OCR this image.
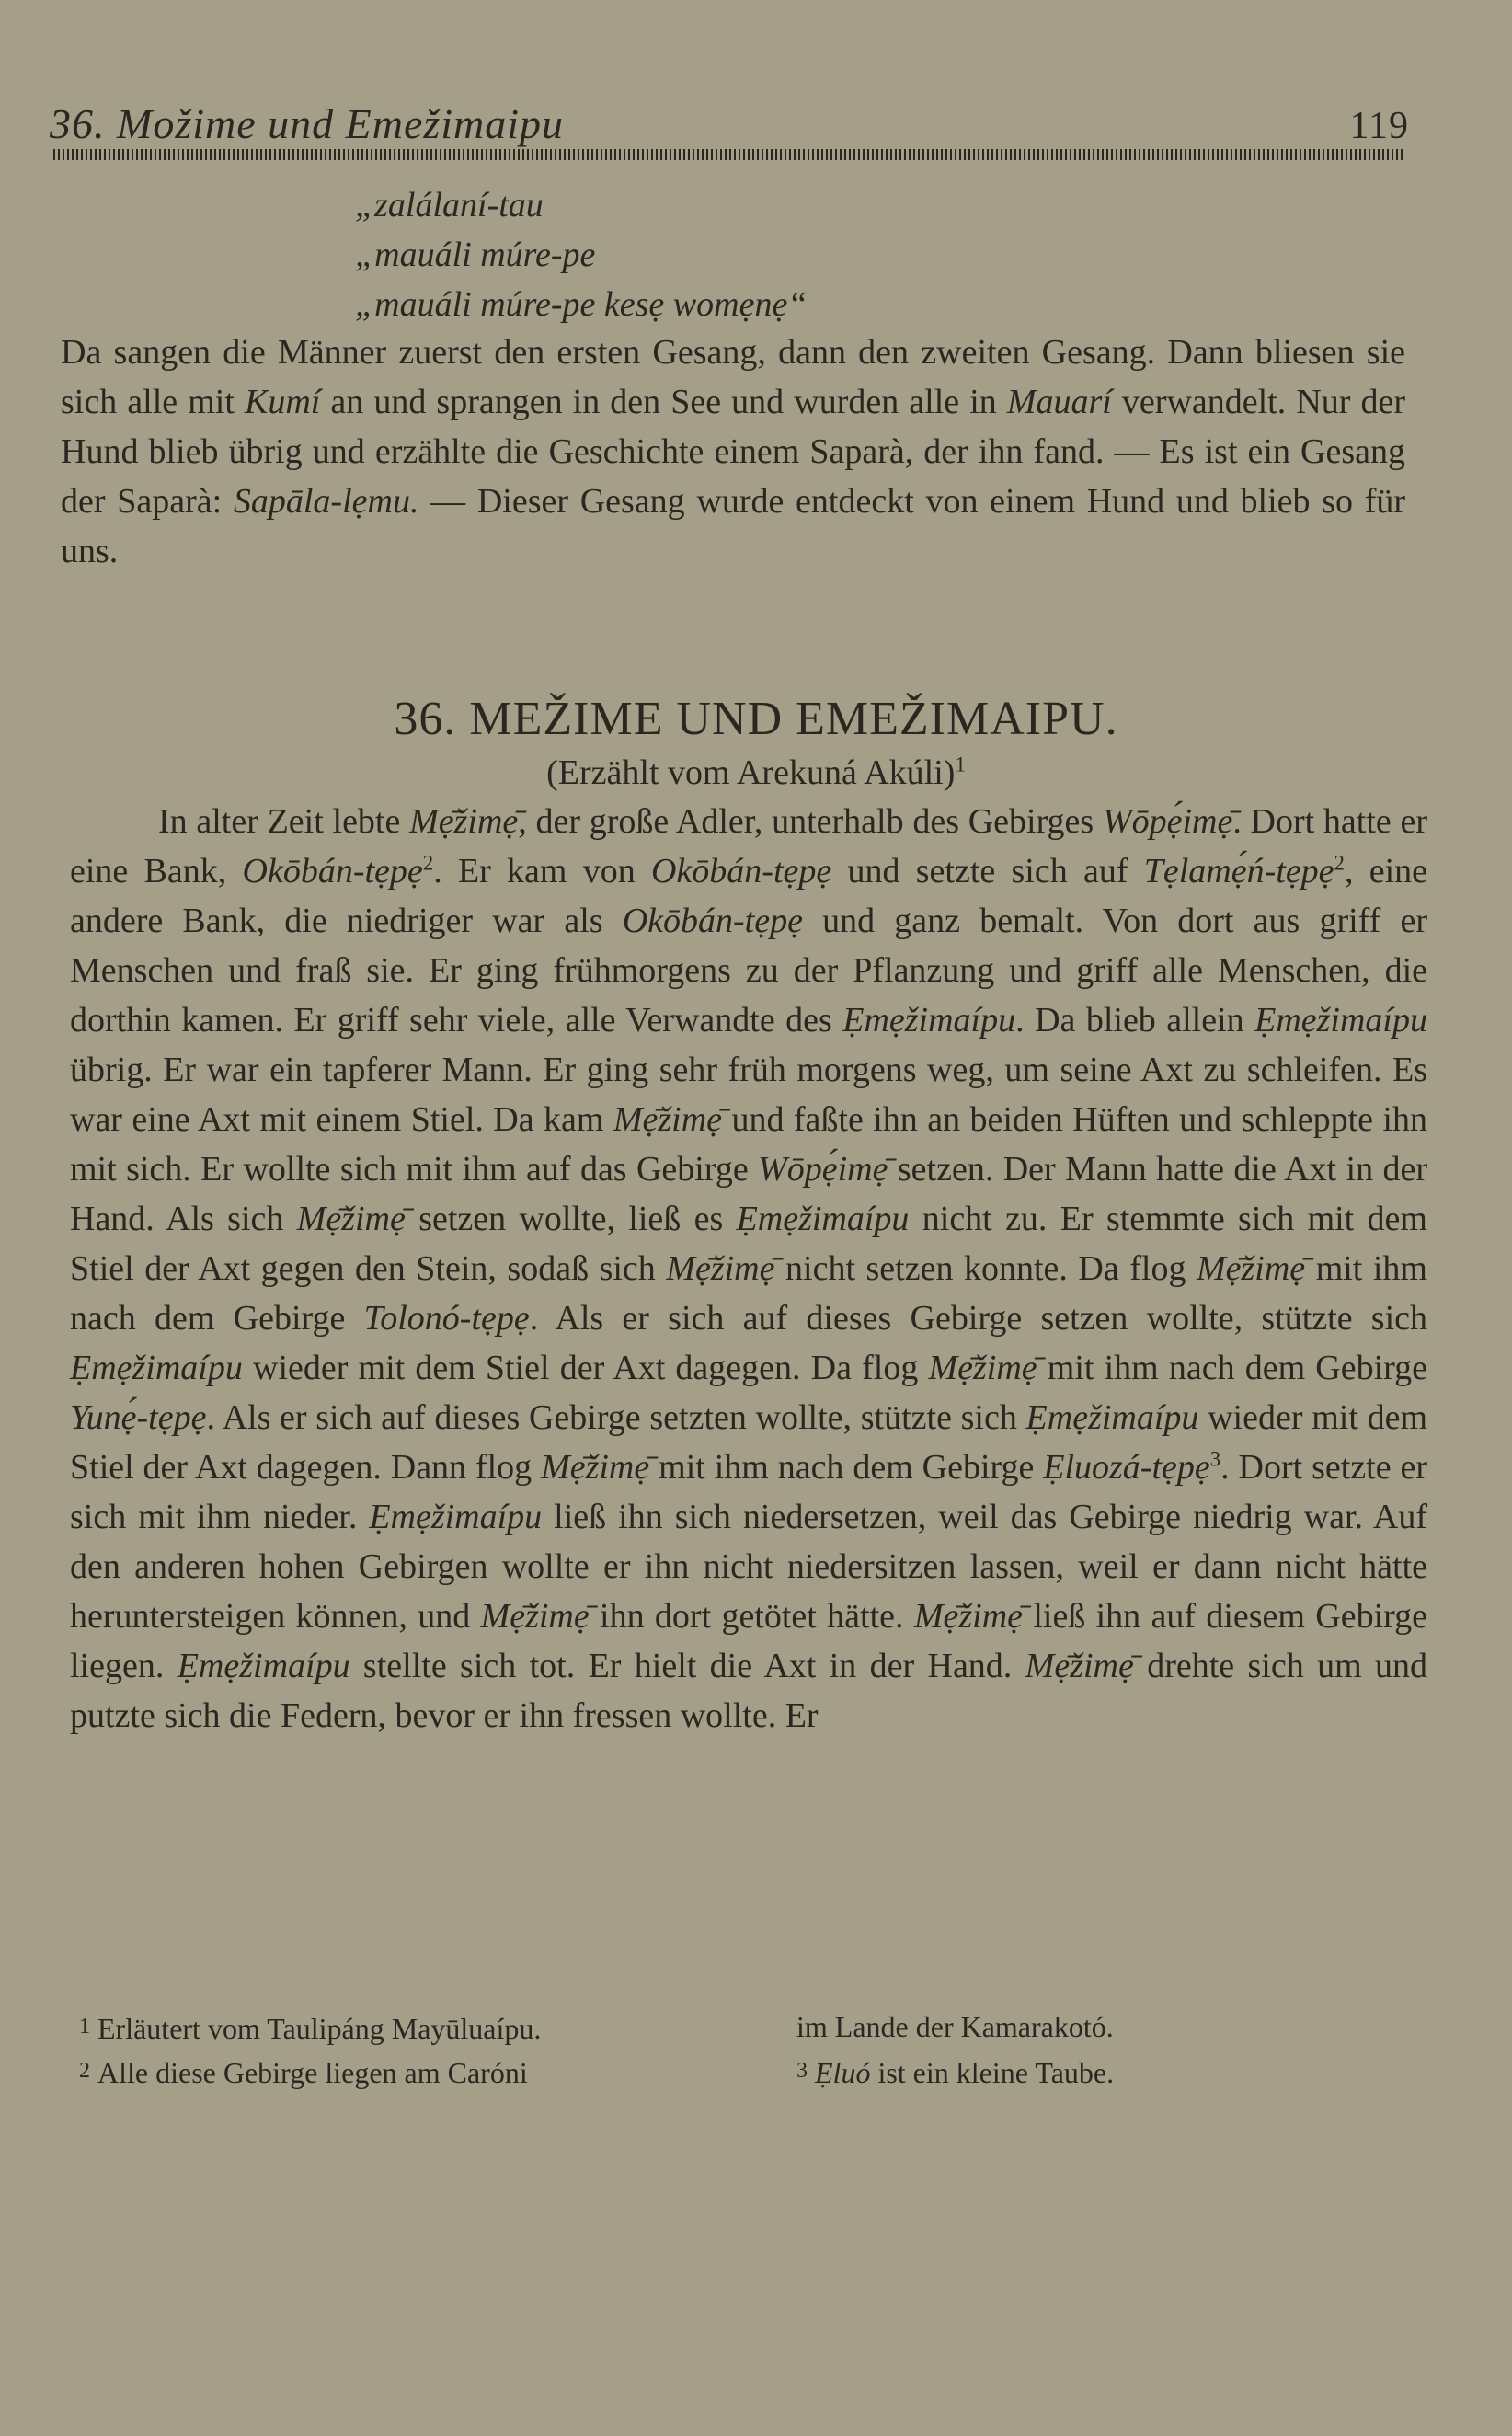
36. Možime und Emežimaipu	119
„zalálaní-tau
„mauáli múre-pe
„mauáli múre-pe kesẹ womẹnẹ“
Da sangen die Männer zuerst den ersten Gesang, dann den zweiten Gesang. Dann bliesen sie sich alle mit Kumí an und sprangen in den See und wurden alle in Mauarí verwandelt. Nur der Hund blieb übrig und erzählte die Geschichte einem Saparà, der ihn fand. — Es ist ein Gesang der Saparà: Sapāla-lẹmu. — Dieser Gesang wurde entdeckt von einem Hund und blieb so für uns.
36. MEŽIME UND EMEŽIMAIPU.
(Erzählt vom Arekuná Akúli)$^1$
In alter Zeit lebte Mẹ̄žimẹ̄, der große Adler, unterhalb des Gebirges Wōpẹ́imẹ̄. Dort hatte er eine Bank, Okōbán-tẹpẹ$^2$. Er kam von Okōbán-tẹpẹ und setzte sich auf Tẹlamẹ́ń-tẹpẹ$^2$, eine andere Bank, die niedriger war als Okōbán-tẹpẹ und ganz bemalt. Von dort aus griff er Menschen und fraß sie. Er ging frühmorgens zu der Pflanzung und griff alle Menschen, die dorthin kamen. Er griff sehr viele, alle Verwandte des Ẹmẹžimaípu. Da blieb allein Ẹmẹžimaípu übrig. Er war ein tapferer Mann. Er ging sehr früh morgens weg, um seine Axt zu schleifen. Es war eine Axt mit einem Stiel. Da kam Mẹ̄žimẹ̄ und faßte ihn an beiden Hüften und schleppte ihn mit sich. Er wollte sich mit ihm auf das Gebirge Wōpẹ́imẹ̄ setzen. Der Mann hatte die Axt in der Hand. Als sich Mẹ̄žimẹ̄ setzen wollte, ließ es Ẹmẹžimaípu nicht zu. Er stemmte sich mit dem Stiel der Axt gegen den Stein, sodaß sich Mẹ̄žimẹ̄ nicht setzen konnte. Da flog Mẹ̄žimẹ̄ mit ihm nach dem Gebirge Tolonó-tẹpẹ. Als er sich auf dieses Gebirge setzen wollte, stützte sich Ẹmẹžimaípu wieder mit dem Stiel der Axt dagegen. Da flog Mẹ̄žimẹ̄ mit ihm nach dem Gebirge Yunẹ́-tẹpẹ. Als er sich auf dieses Gebirge setzten wollte, stützte sich Ẹmẹžimaípu wieder mit dem Stiel der Axt dagegen. Dann flog Mẹ̄žimẹ̄ mit ihm nach dem Gebirge Ẹluozá-tẹpẹ$^3$. Dort setzte er sich mit ihm nieder. Ẹmẹžimaípu ließ ihn sich niedersetzen, weil das Gebirge niedrig war. Auf den anderen hohen Gebirgen wollte er ihn nicht niedersitzen lassen, weil er dann nicht hätte heruntersteigen können, und Mẹ̄žimẹ̄ ihn dort getötet hätte. Mẹ̄žimẹ̄ ließ ihn auf diesem Gebirge liegen. Ẹmẹžimaípu stellte sich tot. Er hielt die Axt in der Hand. Mẹ̄žimẹ̄ drehte sich um und putzte sich die Federn, bevor er ihn fressen wollte. Er
1 Erläutert vom Taulipáng Mayūluaípu.	im Lande der Kamarakotó.
2 Alle diese Gebirge liegen am Caróni	3 Ẹluó ist ein kleine Taube.
